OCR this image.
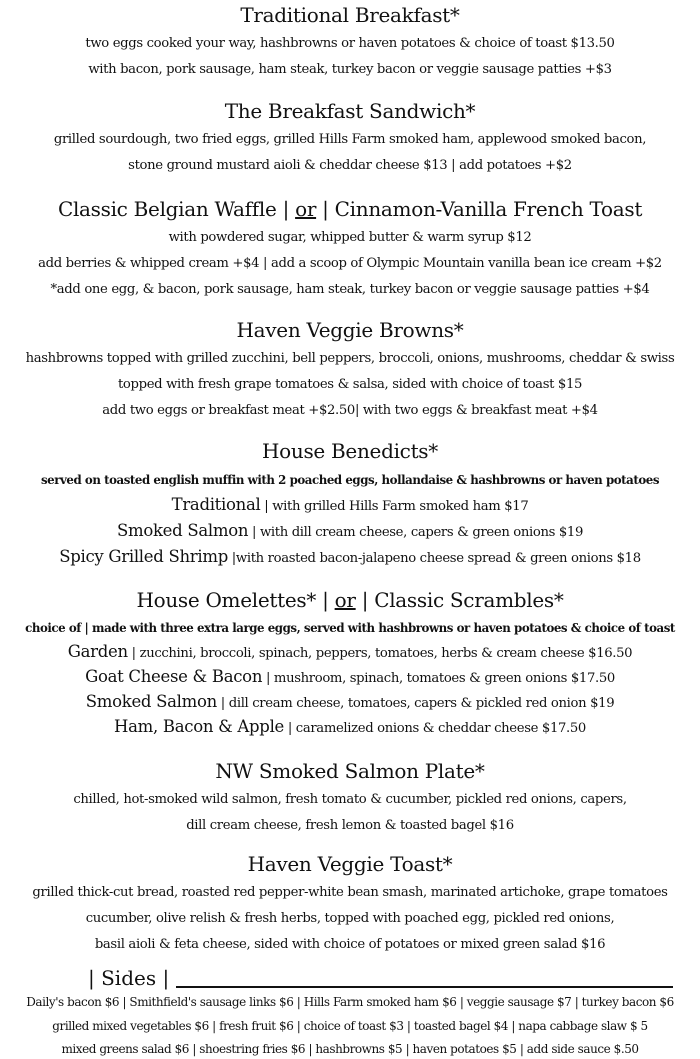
Traditional Breakfast*
two eggs cooked your way, hashbrowns or haven potatoes & choice of toast $13.50
with bacon, pork sausage, ham steak, turkey bacon or veggie sausage patties +$3
The Breakfast Sandwich*
grilled sourdough, two fried eggs, grilled Hills Farm smoked ham, applewood smoked bacon,
stone ground mustard aioli & cheddar cheese $13 | add potatoes +$2
Classic Belgian Waffle | or | Cinnamon-Vanilla French Toast
with powdered sugar, whipped butter & warm syrup $12
add berries & whipped cream +$4 | add a scoop of Olympic Mountain vanilla bean ice cream +$2
*add one egg, & bacon, pork sausage, ham steak, turkey bacon or veggie sausage patties +$4
Haven Veggie Browns*
hashbrowns topped with grilled zucchini, bell peppers, broccoli, onions, mushrooms, cheddar & swiss
topped with fresh grape tomatoes & salsa, sided with choice of toast $15
add two eggs or breakfast meat +$2.50| with two eggs & breakfast meat +$4
House Benedicts*
served on toasted english muffin with 2 poached eggs, hollandaise & hashbrowns or haven potatoes
Traditional | with grilled Hills Farm smoked ham $17
Smoked Salmon | with dill cream cheese, capers & green onions $19
Spicy Grilled Shrimp |with roasted bacon-jalapeno cheese spread & green onions $18
House Omelettes* | or | Classic Scrambles*
choice of | made with three extra large eggs, served with hashbrowns or haven potatoes & choice of toast
Garden | zucchini, broccoli, spinach, peppers, tomatoes, herbs & cream cheese $16.50
Goat Cheese & Bacon | mushroom, spinach, tomatoes & green onions $17.50
Smoked Salmon | dill cream cheese, tomatoes, capers & pickled red onion $19
Ham, Bacon & Apple | caramelized onions & cheddar cheese $17.50
NW Smoked Salmon Plate*
chilled, hot-smoked wild salmon, fresh tomato & cucumber, pickled red onions, capers,
dill cream cheese, fresh lemon & toasted bagel $16
Haven Veggie Toast*
grilled thick-cut bread, roasted red pepper-white bean smash, marinated artichoke, grape tomatoes
cucumber, olive relish & fresh herbs, topped with poached egg, pickled red onions,
basil aioli & feta cheese, sided with choice of potatoes or mixed green salad $16
| Sides |
Daily's bacon $6 | Smithfield's sausage links $6 | Hills Farm smoked ham $6 | veggie sausage $7 | turkey bacon $6
grilled mixed vegetables $6 | fresh fruit $6 | choice of toast $3 | toasted bagel $4 | napa cabbage slaw $ 5
mixed greens salad $6 | shoestring fries $6 | hashbrowns $5 | haven potatoes $5 | add side sauce $.50
